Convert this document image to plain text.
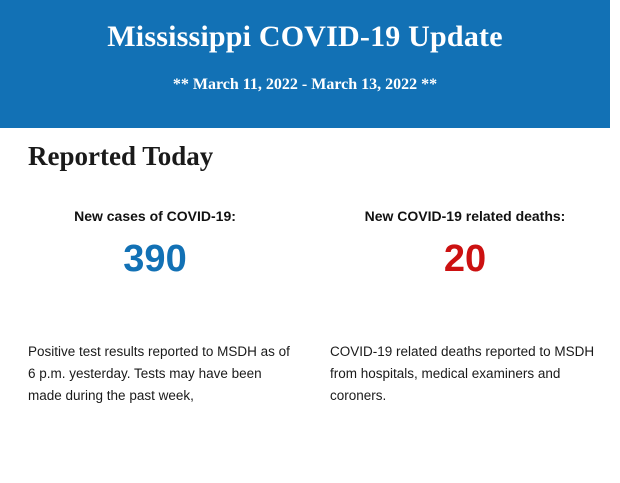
Mississippi COVID-19 Update
** March 11, 2022 - March 13, 2022 **
Reported Today
New cases of COVID-19:
390
New COVID-19 related deaths:
20
Positive test results reported to MSDH as of 6 p.m. yesterday. Tests may have been made during the past week,
COVID-19 related deaths reported to MSDH from hospitals, medical examiners and coroners.
